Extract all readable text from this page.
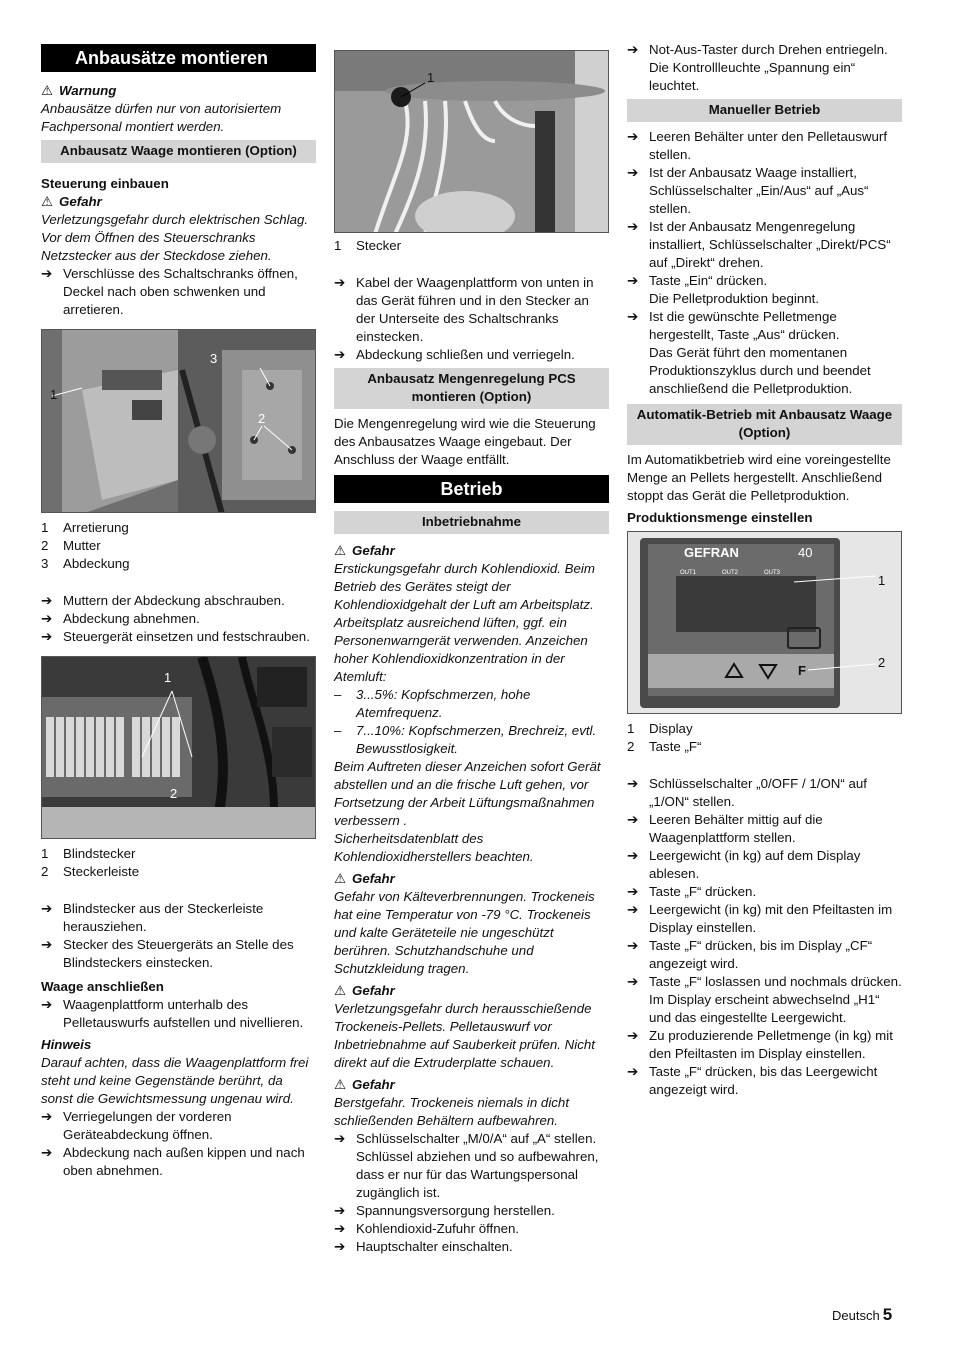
Anbausätze montieren
⚠ Warnung
Anbausätze dürfen nur von autorisiertem Fachpersonal montiert werden.
Anbausatz Waage montieren (Option)
Steuerung einbauen
⚠ Gefahr
Verletzungsgefahr durch elektrischen Schlag. Vor dem Öffnen des Steuerschranks Netzstecker aus der Steckdose ziehen.
➔ Verschlüsse des Schaltschranks öffnen, Deckel nach oben schwenken und arretieren.
1
2
3
1	Arretierung
2	Mutter
3	Abdeckung
➔ Muttern der Abdeckung abschrauben.
➔ Abdeckung abnehmen.
➔ Steuergerät einsetzen und festschrauben.
1
2
1	Blindstecker
2	Steckerleiste
➔ Blindstecker aus der Steckerleiste herausziehen.
➔ Stecker des Steuergeräts an Stelle des Blindsteckers einstecken.
Waage anschließen
➔ Waagenplattform unterhalb des Pelletauswurfs aufstellen und nivellieren.
Hinweis
Darauf achten, dass die Waagenplattform frei steht und keine Gegenstände berührt, da sonst die Gewichtsmessung ungenau wird.
➔ Verriegelungen der vorderen Geräteabdeckung öffnen.
➔ Abdeckung nach außen kippen und nach oben abnehmen.
1
1	Stecker
➔ Kabel der Waagenplattform von unten in das Gerät führen und in den Stecker an der Unterseite des Schaltschranks einstecken.
➔ Abdeckung schließen und verriegeln.
Anbausatz Mengenregelung PCS montieren (Option)
Die Mengenregelung wird wie die Steuerung des Anbausatzes Waage eingebaut. Der Anschluss der Waage entfällt.
Betrieb
Inbetriebnahme
⚠ Gefahr
Erstickungsgefahr durch Kohlendioxid. Beim Betrieb des Gerätes steigt der Kohlendioxidgehalt der Luft am Arbeitsplatz. Arbeitsplatz ausreichend lüften, ggf. ein Personenwarngerät verwenden. Anzeichen hoher Kohlendioxidkonzentration in der Atemluft:
– 3...5%: Kopfschmerzen, hohe Atemfrequenz.
– 7...10%: Kopfschmerzen, Brechreiz, evtl. Bewusstlosigkeit.
Beim Auftreten dieser Anzeichen sofort Gerät abstellen und an die frische Luft gehen, vor Fortsetzung der Arbeit Lüftungsmaßnahmen verbessern .
Sicherheitsdatenblatt des Kohlendioxidherstellers beachten.
⚠ Gefahr
Gefahr von Kälteverbrennungen. Trockeneis hat eine Temperatur von -79 °C. Trockeneis und kalte Geräteteile nie ungeschützt berühren. Schutzhandschuhe und Schutzkleidung tragen.
⚠ Gefahr
Verletzungsgefahr durch herausschießende Trockeneis-Pellets. Pelletauswurf vor Inbetriebnahme auf Sauberkeit prüfen. Nicht direkt auf die Extruderplatte schauen.
⚠ Gefahr
Berstgefahr. Trockeneis niemals in dicht schließenden Behältern aufbewahren.
➔ Schlüsselschalter „M/0/A“ auf „A“ stellen. Schlüssel abziehen und so aufbewahren, dass er nur für das Wartungspersonal zugänglich ist.
➔ Spannungsversorgung herstellen.
➔ Kohlendioxid-Zufuhr öffnen.
➔ Hauptschalter einschalten.
➔ Not-Aus-Taster durch Drehen entriegeln.
Die Kontrollleuchte „Spannung ein“ leuchtet.
Manueller Betrieb
➔ Leeren Behälter unter den Pelletauswurf stellen.
➔ Ist der Anbausatz Waage installiert, Schlüsselschalter „Ein/Aus“ auf „Aus“ stellen.
➔ Ist der Anbausatz Mengenregelung installiert, Schlüsselschalter „Direkt/PCS“ auf „Direkt“ drehen.
➔ Taste „Ein“ drücken.
Die Pelletproduktion beginnt.
➔ Ist die gewünschte Pelletmenge hergestellt, Taste „Aus“ drücken.
Das Gerät führt den momentanen Produktionszyklus durch und beendet anschließend die Pelletproduktion.
Automatik-Betrieb mit Anbausatz Waage (Option)
Im Automatikbetrieb wird eine voreingestellte Menge an Pellets hergestellt. Anschließend stoppt das Gerät die Pelletproduktion.
Produktionsmenge einstellen
GEFRAN	40
OUT1	OUT2	OUT3
F
1
2
1	Display
2	Taste „F“
➔ Schlüsselschalter „0/OFF / 1/ON“ auf „1/ON“ stellen.
➔ Leeren Behälter mittig auf die Waagenplattform stellen.
➔ Leergewicht (in kg) auf dem Display ablesen.
➔ Taste „F“ drücken.
➔ Leergewicht (in kg) mit den Pfeiltasten im Display einstellen.
➔ Taste „F“ drücken, bis im Display „CF“ angezeigt wird.
➔ Taste „F“ loslassen und nochmals drücken.
Im Display erscheint abwechselnd „H1“ und das eingestellte Leergewicht.
➔ Zu produzierende Pelletmenge (in kg) mit den Pfeiltasten im Display einstellen.
➔ Taste „F“ drücken, bis das Leergewicht angezeigt wird.
Deutsch 5
